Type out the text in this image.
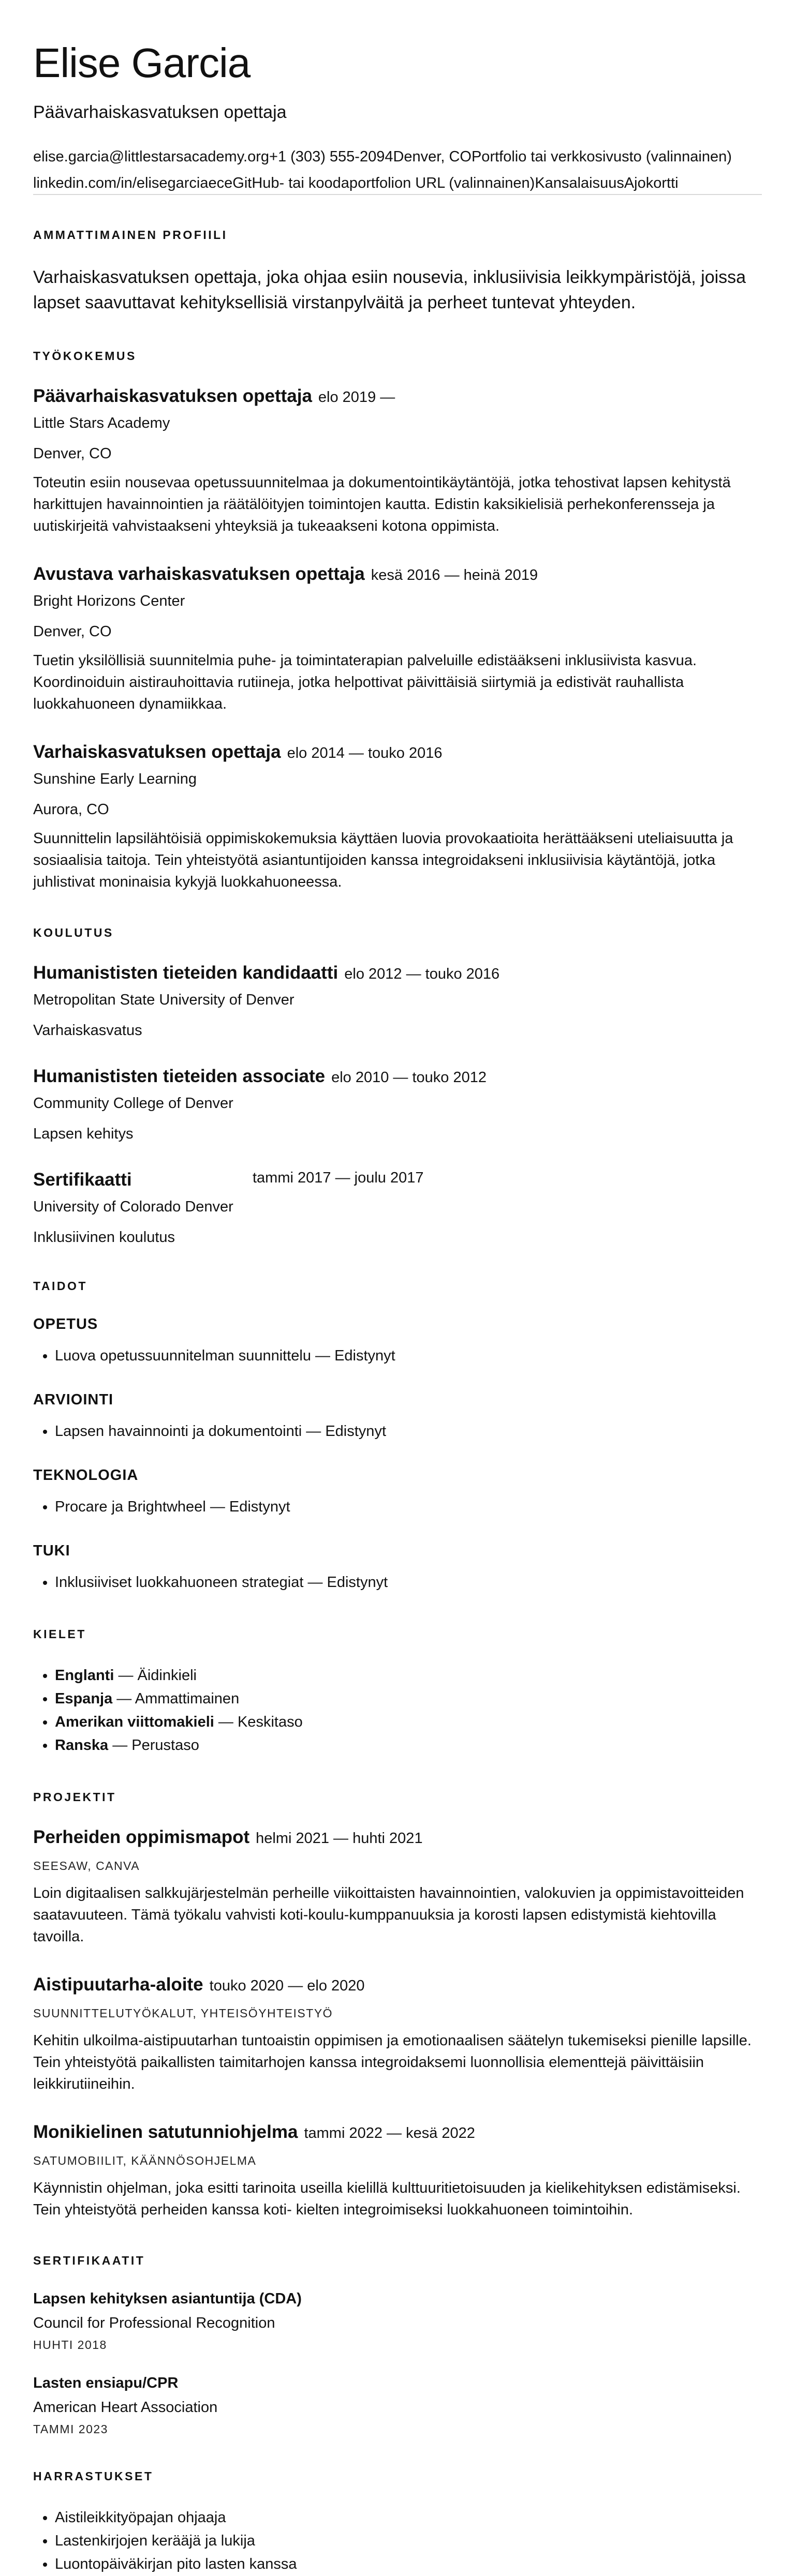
Elise Garcia
Päävarhaiskasvatuksen opettaja
elise.garcia@littlestarsacademy.org +1 (303) 555-2094 Denver, CO Portfolio tai verkkosivusto (valinnainen)
linkedin.com/in/elisegarciaece GitHub- tai koodaportfolion URL (valinnainen) Kansalaisuus Ajokortti
AMMATTIMAINEN PROFIILI
Varhaiskasvatuksen opettaja, joka ohjaa esiin nousevia, inklusiivisia leikkympäristöjä, joissa lapset saavuttavat kehityksellisiä virstanpylväitä ja perheet tuntevat yhteyden.
TYÖKOKEMUS
Päävarhaiskasvatuksen opettaja elo 2019 —
Little Stars Academy
Denver, CO
Toteutin esiin nousevaa opetussuunnitelmaa ja dokumentointikäytäntöjä, jotka tehostivat lapsen kehitystä harkittujen havainnointien ja räätälöityjen toimintojen kautta. Edistin kaksikielisiä perhekonferensseja ja uutiskirjeitä vahvistaakseni yhteyksiä ja tukeaakseni kotona oppimista.
Avustava varhaiskasvatuksen opettaja kesä 2016 — heinä 2019
Bright Horizons Center
Denver, CO
Tuetin yksilöllisiä suunnitelmia puhe- ja toimintaterapian palveluille edistääkseni inklusiivista kasvua. Koordinoiduin aistirauhoittavia rutiineja, jotka helpottivat päivittäisiä siirtymiä ja edistivät rauhallista luokkahuoneen dynamiikkaa.
Varhaiskasvatuksen opettaja elo 2014 — touko 2016
Sunshine Early Learning
Aurora, CO
Suunnittelin lapsilähtöisiä oppimiskokemuksia käyttäen luovia provokaatioita herättääkseni uteliaisuutta ja sosiaalisia taitoja. Tein yhteistyötä asiantuntijoiden kanssa integroidakseni inklusiivisia käytäntöjä, jotka juhlistivat moninaisia kykyjä luokkahuoneessa.
KOULUTUS
Humanististen tieteiden kandidaatti elo 2012 — touko 2016
Metropolitan State University of Denver
Varhaiskasvatus
Humanististen tieteiden associate elo 2010 — touko 2012
Community College of Denver
Lapsen kehitys
Sertifikaatti	tammi 2017 — joulu 2017
University of Colorado Denver
Inklusiivinen koulutus
TAIDOT
OPETUS
• Luova opetussuunnitelman suunnittelu — Edistynyt
ARVIOINTI
• Lapsen havainnointi ja dokumentointi — Edistynyt
TEKNOLOGIA
• Procare ja Brightwheel — Edistynyt
TUKI
• Inklusiiviset luokkahuoneen strategiat — Edistynyt
KIELET
• Englanti — Äidinkieli
• Espanja — Ammattimainen
• Amerikan viittomakieli — Keskitaso
• Ranska — Perustaso
PROJEKTIT
Perheiden oppimismapot helmi 2021 — huhti 2021
SEESAW, CANVA
Loin digitaalisen salkkujärjestelmän perheille viikoittaisten havainnointien, valokuvien ja oppimistavoitteiden saatavuuteen. Tämä työkalu vahvisti koti-koulu-kumppanuuksia ja korosti lapsen edistymistä kiehtovilla tavoilla.
Aistipuutarha-aloite touko 2020 — elo 2020
SUUNNITTELUTYÖKALUT, YHTEISÖYHTEISTYÖ
Kehitin ulkoilma-aistipuutarhan tuntoaistin oppimisen ja emotionaalisen säätelyn tukemiseksi pienille lapsille. Tein yhteistyötä paikallisten taimitarhojen kanssa integroidaksemi luonnollisia elementtejä päivittäisiin leikkirutiineihin.
Monikielinen satutunniohjelma tammi 2022 — kesä 2022
SATUMOBIILIT, KÄÄNNÖSOHJELMA
Käynnistin ohjelman, joka esitti tarinoita useilla kielillä kulttuuritietoisuuden ja kielikehityksen edistämiseksi. Tein yhteistyötä perheiden kanssa koti- kielten integroimiseksi luokkahuoneen toimintoihin.
SERTIFIKAATIT
Lapsen kehityksen asiantuntija (CDA)
Council for Professional Recognition
HUHTI 2018
Lasten ensiapu/CPR
American Heart Association
TAMMI 2023
HARRASTUKSET
• Aistileikkityöpajan ohjaaja
• Lastenkirjojen kerääjä ja lukija
• Luontopäiväkirjan pito lasten kanssa
